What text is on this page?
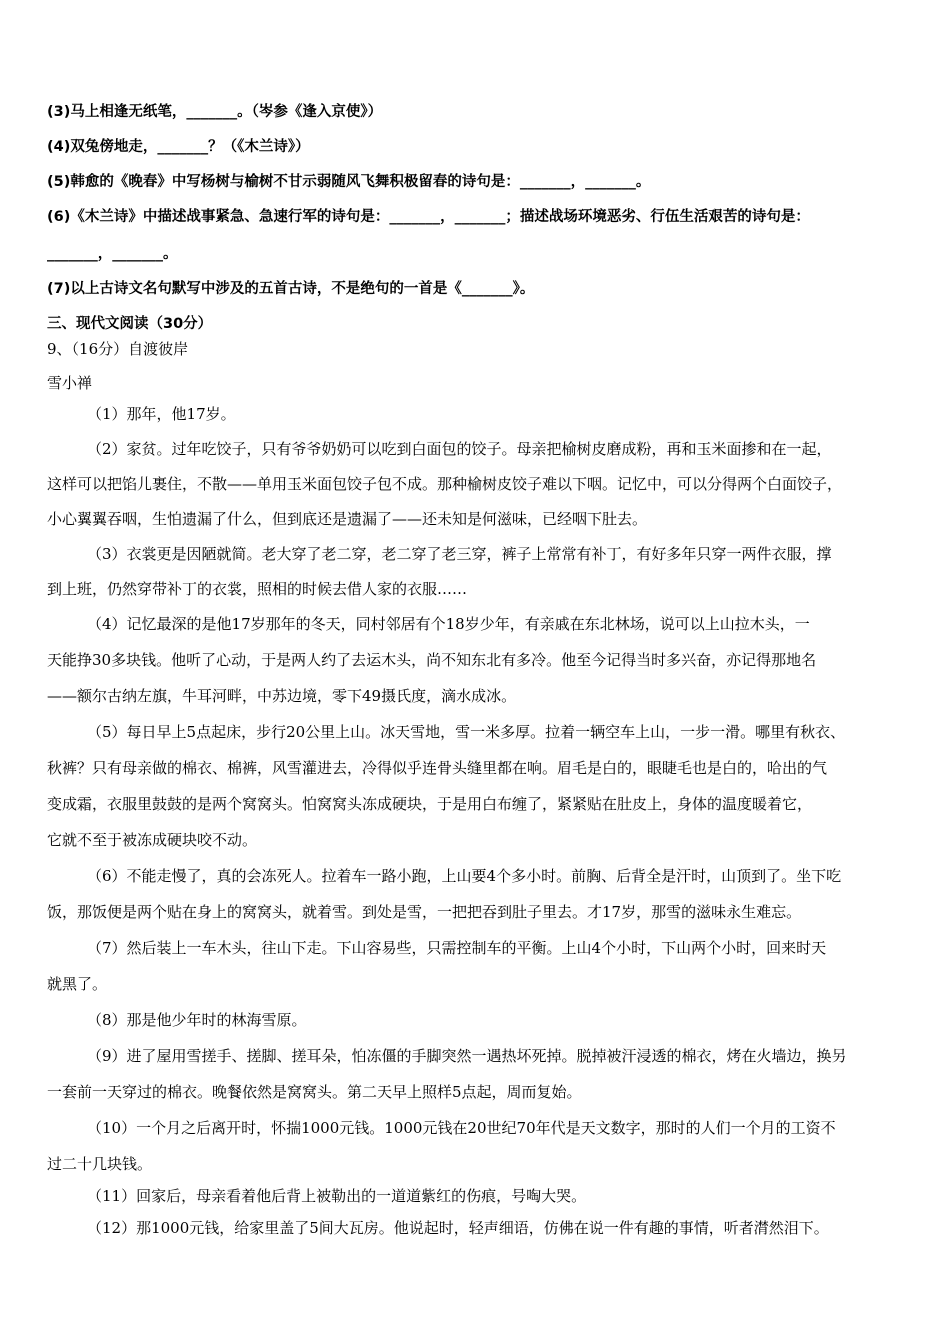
(3)马上相逢无纸笔，_______。（岑参《逢入京使》）
(4)双兔傍地走，_______？（《木兰诗》）
(5)韩愈的《晚春》中写杨树与榆树不甘示弱随风飞舞积极留春的诗句是：_______，_______。
(6)《木兰诗》中描述战事紧急、急速行军的诗句是：_______，_______；描述战场环境恶劣、行伍生活艰苦的诗句是：
_______，_______。
(7)以上古诗文名句默写中涉及的五首古诗，不是绝句的一首是《_______》。
三、现代文阅读（30分）
9、（16分）自渡彼岸
雪小禅
（1）那年，他17岁。
（2）家贫。过年吃饺子，只有爷爷奶奶可以吃到白面包的饺子。母亲把榆树皮磨成粉，再和玉米面掺和在一起，
这样可以把馅儿裹住，不散——单用玉米面包饺子包不成。那种榆树皮饺子难以下咽。记忆中，可以分得两个白面饺子，
小心翼翼吞咽，生怕遗漏了什么，但到底还是遗漏了——还未知是何滋味，已经咽下肚去。
（3）衣裳更是因陋就简。老大穿了老二穿，老二穿了老三穿，裤子上常常有补丁，有好多年只穿一两件衣服，撑
到上班，仍然穿带补丁的衣裳，照相的时候去借人家的衣服……
（4）记忆最深的是他17岁那年的冬天，同村邻居有个18岁少年，有亲戚在东北林场，说可以上山拉木头，一
天能挣30多块钱。他听了心动，于是两人约了去运木头，尚不知东北有多冷。他至今记得当时多兴奋，亦记得那地名
——额尔古纳左旗，牛耳河畔，中苏边境，零下49摄氏度，滴水成冰。
（5）每日早上5点起床，步行20公里上山。冰天雪地，雪一米多厚。拉着一辆空车上山，一步一滑。哪里有秋衣、
秋裤？只有母亲做的棉衣、棉裤，风雪灌进去，冷得似乎连骨头缝里都在响。眉毛是白的，眼睫毛也是白的，哈出的气
变成霜，衣服里鼓鼓的是两个窝窝头。怕窝窝头冻成硬块，于是用白布缠了，紧紧贴在肚皮上，身体的温度暖着它，
它就不至于被冻成硬块咬不动。
（6）不能走慢了，真的会冻死人。拉着车一路小跑，上山要4个多小时。前胸、后背全是汗时，山顶到了。坐下吃
饭，那饭便是两个贴在身上的窝窝头，就着雪。到处是雪，一把把吞到肚子里去。才17岁，那雪的滋味永生难忘。
（7）然后装上一车木头，往山下走。下山容易些，只需控制车的平衡。上山4个小时，下山两个小时，回来时天
就黑了。
（8）那是他少年时的林海雪原。
（9）进了屋用雪搓手、搓脚、搓耳朵，怕冻僵的手脚突然一遇热坏死掉。脱掉被汗浸透的棉衣，烤在火墙边，换另
一套前一天穿过的棉衣。晚餐依然是窝窝头。第二天早上照样5点起，周而复始。
（10）一个月之后离开时，怀揣1000元钱。1000元钱在20世纪70年代是天文数字，那时的人们一个月的工资不
过二十几块钱。
（11）回家后，母亲看着他后背上被勒出的一道道紫红的伤痕，号啕大哭。
（12）那1000元钱，给家里盖了5间大瓦房。他说起时，轻声细语，仿佛在说一件有趣的事情，听者潸然泪下。
